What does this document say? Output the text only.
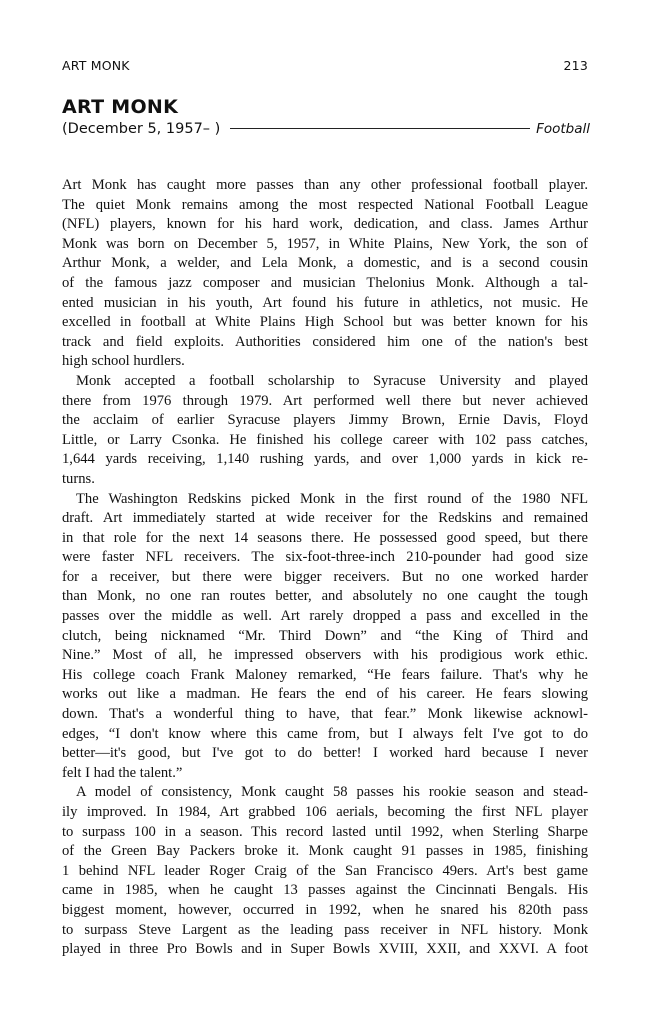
ART MONK	213
ART MONK
(December 5, 1957– )	Football
Art Monk has caught more passes than any other professional football player.
The quiet Monk remains among the most respected National Football League
(NFL) players, known for his hard work, dedication, and class. James Arthur
Monk was born on December 5, 1957, in White Plains, New York, the son of
Arthur Monk, a welder, and Lela Monk, a domestic, and is a second cousin
of the famous jazz composer and musician Thelonius Monk. Although a tal-
ented musician in his youth, Art found his future in athletics, not music. He
excelled in football at White Plains High School but was better known for his
track and field exploits. Authorities considered him one of the nation's best
high school hurdlers.
Monk accepted a football scholarship to Syracuse University and played
there from 1976 through 1979. Art performed well there but never achieved
the acclaim of earlier Syracuse players Jimmy Brown, Ernie Davis, Floyd
Little, or Larry Csonka. He finished his college career with 102 pass catches,
1,644 yards receiving, 1,140 rushing yards, and over 1,000 yards in kick re-
turns.
The Washington Redskins picked Monk in the first round of the 1980 NFL
draft. Art immediately started at wide receiver for the Redskins and remained
in that role for the next 14 seasons there. He possessed good speed, but there
were faster NFL receivers. The six-foot-three-inch 210-pounder had good size
for a receiver, but there were bigger receivers. But no one worked harder
than Monk, no one ran routes better, and absolutely no one caught the tough
passes over the middle as well. Art rarely dropped a pass and excelled in the
clutch, being nicknamed “Mr. Third Down” and “the King of Third and
Nine.” Most of all, he impressed observers with his prodigious work ethic.
His college coach Frank Maloney remarked, “He fears failure. That's why he
works out like a madman. He fears the end of his career. He fears slowing
down. That's a wonderful thing to have, that fear.” Monk likewise acknowl-
edges, “I don't know where this came from, but I always felt I've got to do
better—it's good, but I've got to do better! I worked hard because I never
felt I had the talent.”
A model of consistency, Monk caught 58 passes his rookie season and stead-
ily improved. In 1984, Art grabbed 106 aerials, becoming the first NFL player
to surpass 100 in a season. This record lasted until 1992, when Sterling Sharpe
of the Green Bay Packers broke it. Monk caught 91 passes in 1985, finishing
1 behind NFL leader Roger Craig of the San Francisco 49ers. Art's best game
came in 1985, when he caught 13 passes against the Cincinnati Bengals. His
biggest moment, however, occurred in 1992, when he snared his 820th pass
to surpass Steve Largent as the leading pass receiver in NFL history. Monk
played in three Pro Bowls and in Super Bowls XVIII, XXII, and XXVI. A foot
